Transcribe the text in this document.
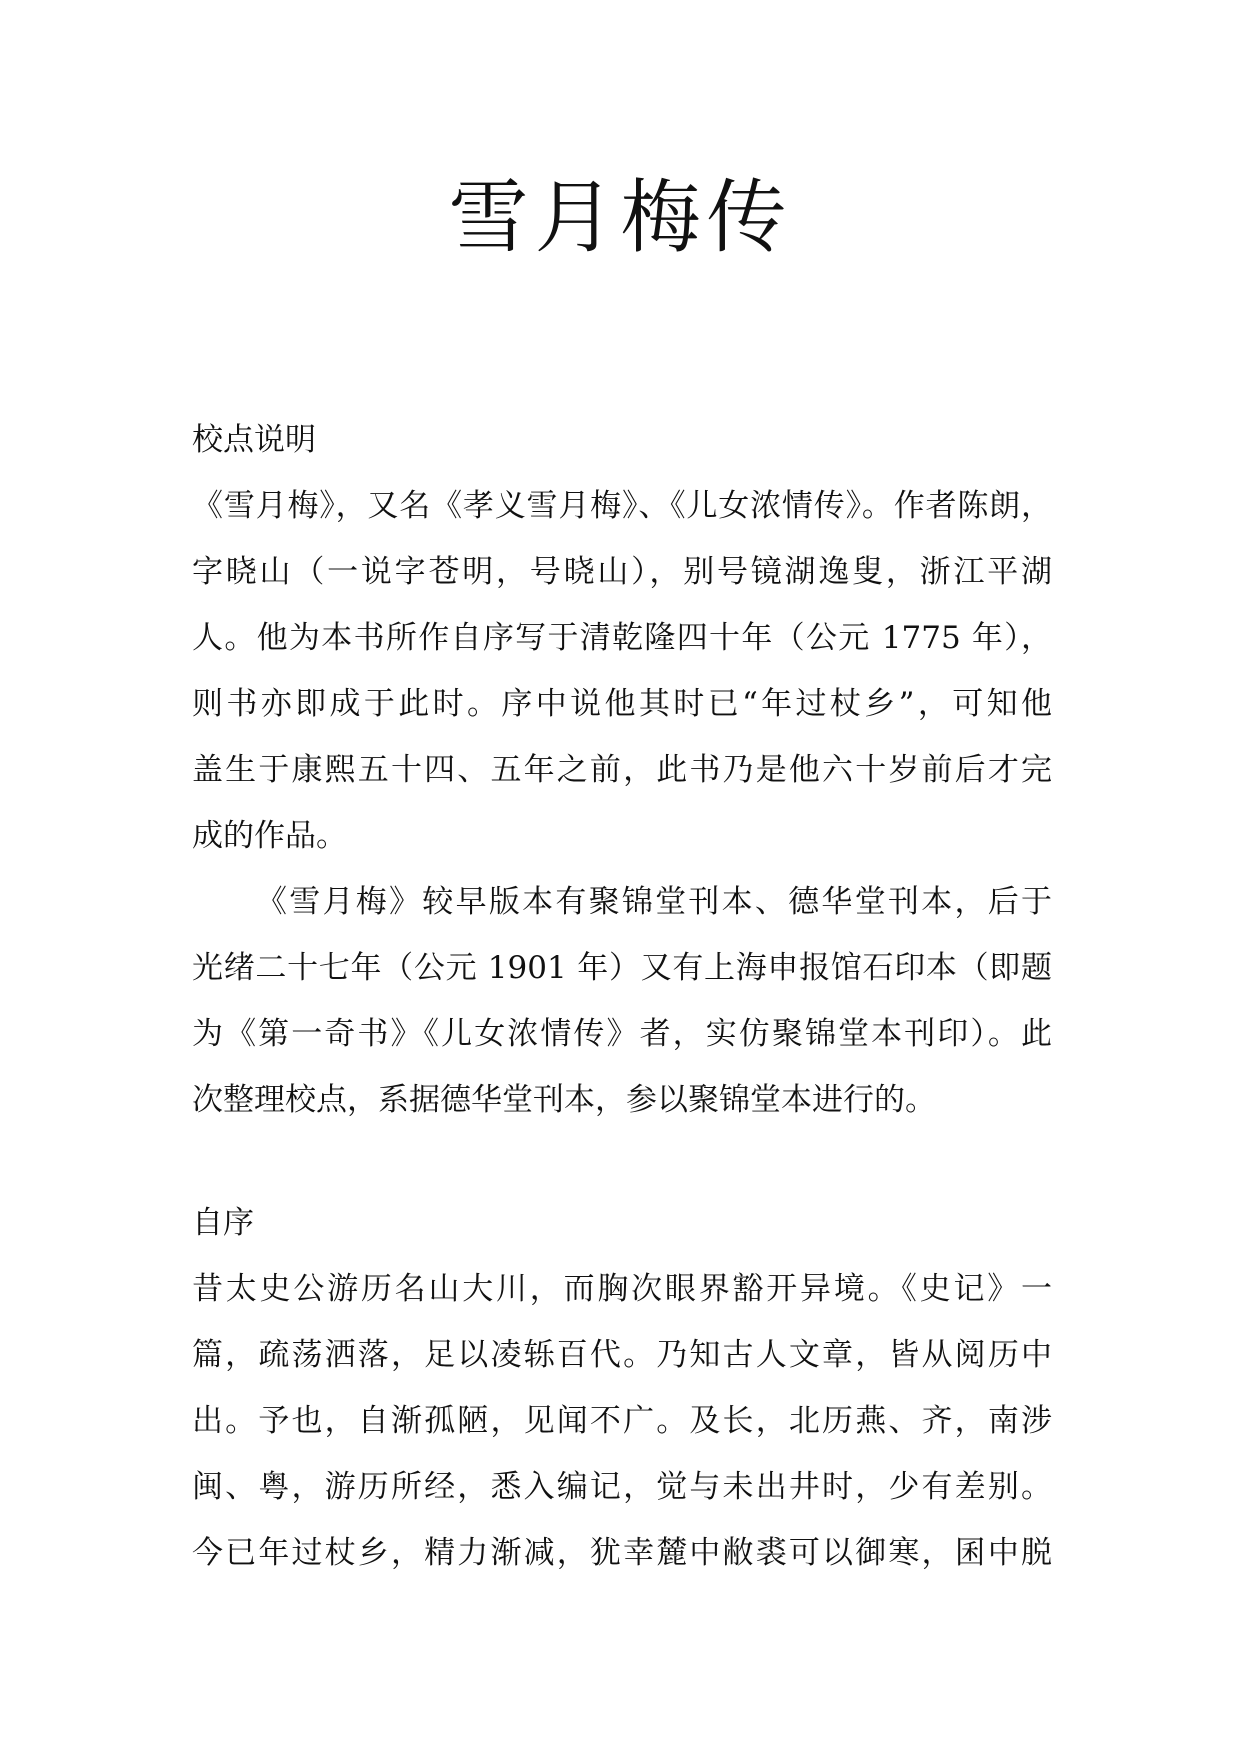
雪月梅传
校点说明

《雪月梅》，又名《孝义雪月梅》、《儿女浓情传》。作者陈朗，
字晓山（一说字苍明，号晓山），别号镜湖逸叟，浙江平湖
人。他为本书所作自序写于清乾隆四十年（公元 1775 年），
则书亦即成于此时。序中说他其时已“年过杖乡”，可知他
盖生于康熙五十四、五年之前，此书乃是他六十岁前后才完
成的作品。

《雪月梅》较早版本有聚锦堂刊本、德华堂刊本，后于
光绪二十七年（公元 1901 年）又有上海申报馆石印本（即题
为《第一奇书》《儿女浓情传》者，实仿聚锦堂本刊印）。此
次整理校点，系据德华堂刊本，参以聚锦堂本进行的。

自序

昔太史公游历名山大川，而胸次眼界豁开异境。《史记》一
篇，疏荡洒落，足以凌轹百代。乃知古人文章，皆从阅历中
出。予也，自渐孤陋，见闻不广。及长，北历燕、齐，南涉
闽、粤，游历所经，悉入编记，觉与未出井时，少有差别。
今已年过杖乡，精力渐减，犹幸麓中敝裘可以御寒，囷中脱
